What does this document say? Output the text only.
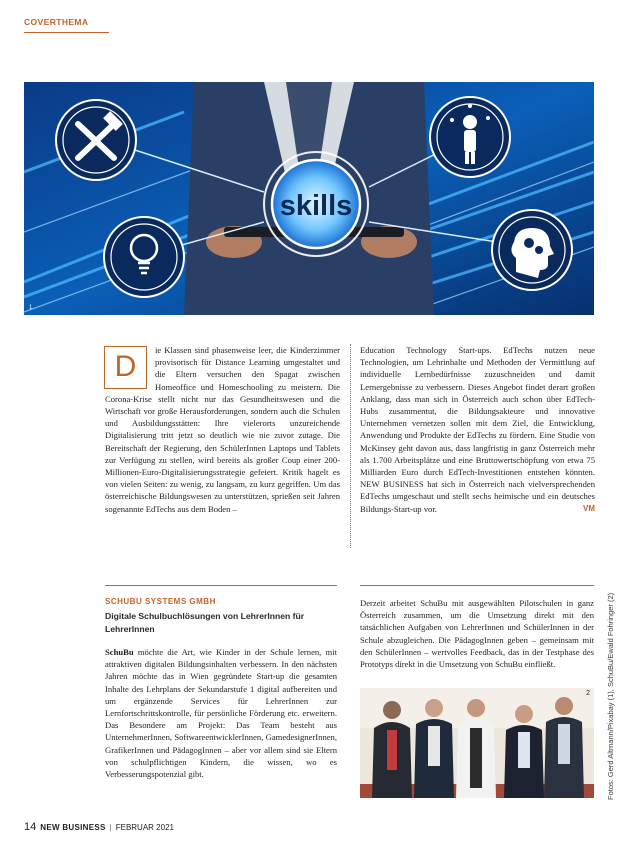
COVERTHEMA
skills
1
D
ie Klassen sind phasenweise leer, die Kinderzimmer provisorisch für Distance Learning umgestaltet und die Eltern versuchen den Spagat zwischen Homeoffice und Homeschooling zu meistern. Die Corona-Krise stellt nicht nur das Gesundheitswesen und die Wirtschaft vor große Herausforderungen, sondern auch die Schulen und Ausbildungsstätten: Ihre vielerorts unzureichende Digitalisierung tritt jetzt so deutlich wie nie zuvor zutage. Die Bereitschaft der Regierung, den SchülerInnen Laptops und Tablets zur Verfügung zu stellen, wird bereits als großer Coup einer 200-Millionen-Euro-Digitalisierungsstrategie gefeiert. Kritik hagelt es von vielen Seiten: zu wenig, zu langsam, zu kurz gegriffen. Um das österreichische Bildungswesen zu unterstützen, sprießen seit Jahren sogenannte EdTechs aus dem Boden –
Education Technology Start-ups. EdTechs nutzen neue Technologien, um Lehrinhalte und Methoden der Vermittlung auf individuelle Lernbedürfnisse zuzuschneiden und damit Lernergebnisse zu verbessern. Dieses Angebot findet derart großen Anklang, dass man sich in Österreich auch schon über EdTech-Hubs zusammentut, die Bildungsakteure und innovative Unternehmen vernetzen sollen mit dem Ziel, die Entwicklung, Anwendung und Produkte der EdTechs zu fördern. Eine Studie von McKinsey geht davon aus, dass langfristig in ganz Österreich mehr als 1.700 Arbeitsplätze und eine Bruttowertschöpfung von etwa 75 Milliarden Euro durch EdTech-Investitionen entstehen könnten. NEW BUSINESS hat sich in Österreich nach vielversprechenden EdTechs umgeschaut und stellt sechs heimische und ein deutsches Bildungs-Start-up vor.	VM
SCHUBU SYSTEMS GMBH
Digitale Schulbuchlösungen von LehrerInnen für LehrerInnen
SchuBu möchte die Art, wie Kinder in der Schule lernen, mit attraktiven digitalen Bildungsinhalten verbessern. In den nächsten Jahren möchte das in Wien gegründete Start-up die gesamten Inhalte des Lehrplans der Sekundarstufe 1 digital aufbereiten und um ergänzende Services für LehrerInnen zur Lernfortschrittskontrolle, für persönliche Förderung etc. erweitern. Das Besondere am Projekt: Das Team besteht aus UnternehmerInnen, SoftwareentwicklerInnen, GamedesignerInnen, GrafikerInnen und PädagogInnen – aber vor allem sind sie Eltern von schulpflichtigen Kindern, die wissen, wo es Verbesserungspotenzial gibt.
Derzeit arbeitet SchuBu mit ausgewählten Pilotschulen in ganz Österreich zusammen, um die Umsetzung direkt mit den tatsächlichen Aufgaben von LehrerInnen und SchülerInnen in der Schule abzugleichen. Die PädagogInnen geben – gemeinsam mit den SchülerInnen – wertvolles Feedback, das in der Testphase des Prototyps direkt in die Umsetzung von SchuBu einfließt.
2 Fotos: Gerd Altmann/Pixabay (1), SchuBu/Ewald Fohringer (2)
14 NEW BUSINESS | FEBRUAR 2021
